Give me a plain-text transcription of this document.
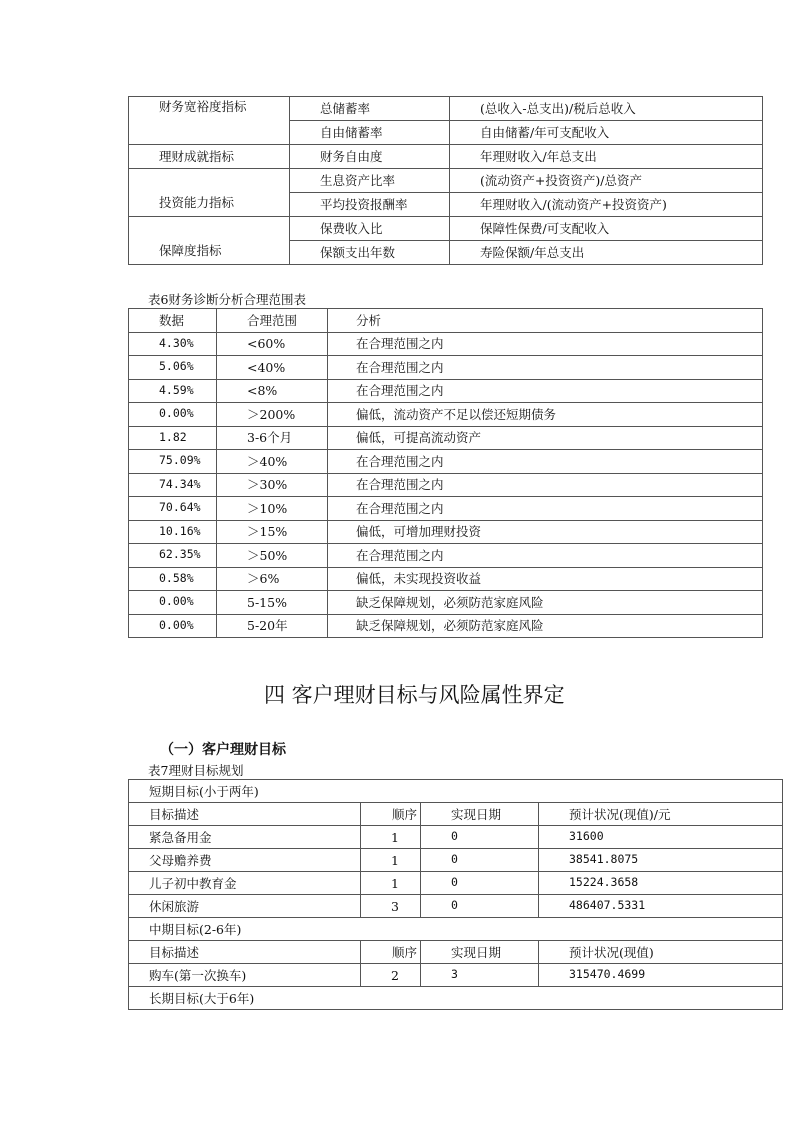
财务宽裕度指标	总储蓄率	(总收入-总支出)/税后总收入
	自由储蓄率	自由储蓄/年可支配收入
理财成就指标	财务自由度	年理财收入/年总支出
投资能力指标	生息资产比率	(流动资产+投资资产)/总资产
	平均投资报酬率	年理财收入/(流动资产+投资资产)
保障度指标	保费收入比	保障性保费/可支配收入
	保额支出年数	寿险保额/年总支出
表6财务诊断分析合理范围表
数据	合理范围	分析
4.30%	<60%	在合理范围之内
5.06%	<40%	在合理范围之内
4.59%	<8%	在合理范围之内
0.00%	＞200%	偏低，流动资产不足以偿还短期债务
1.82	3-6个月	偏低，可提高流动资产
75.09%	＞40%	在合理范围之内
74.34%	＞30%	在合理范围之内
70.64%	＞10%	在合理范围之内
10.16%	＞15%	偏低，可增加理财投资
62.35%	＞50%	在合理范围之内
0.58%	＞6%	偏低，未实现投资收益
0.00%	5-15%	缺乏保障规划，必须防范家庭风险
0.00%	5-20年	缺乏保障规划，必须防范家庭风险
四 客户理财目标与风险属性界定
（一）客户理财目标
表7理财目标规划
短期目标(小于两年)			
目标描述	顺序	实现日期	预计状况(现值)/元
紧急备用金	1	0	31600
父母赡养费	1	0	38541.8075
儿子初中教育金	1	0	15224.3658
休闲旅游	3	0	486407.5331
中期目标(2-6年)			
目标描述	顺序	实现日期	预计状况(现值)
购车(第一次换车)	2	3	315470.4699
长期目标(大于6年)			
